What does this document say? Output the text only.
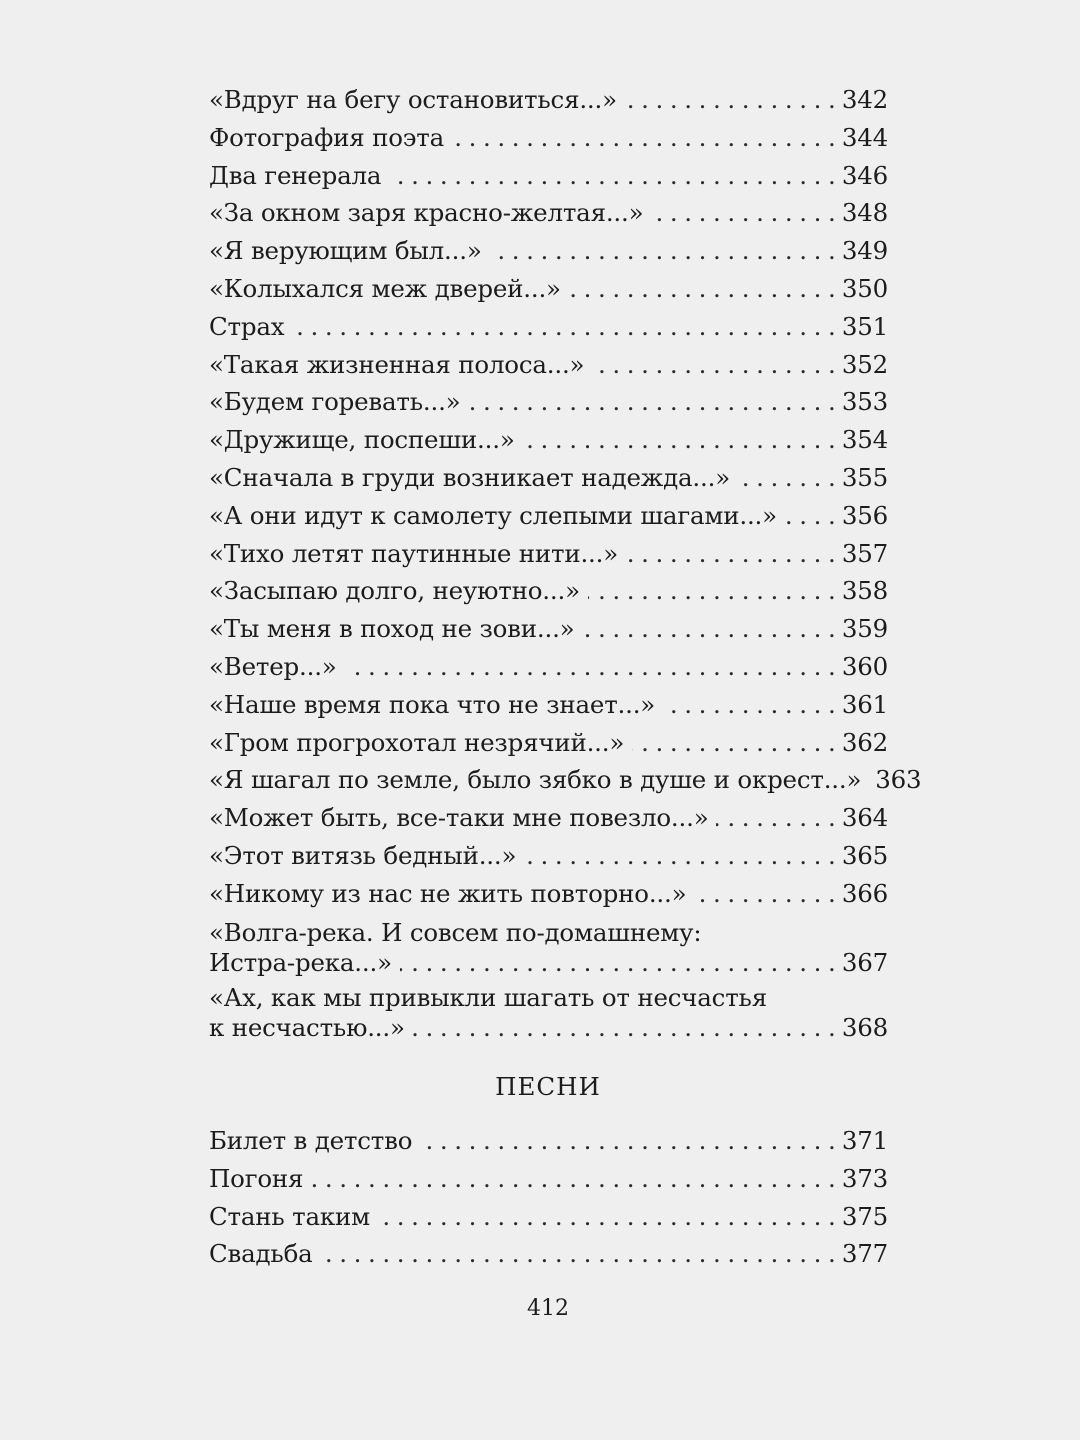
«Вдруг на бегу остановиться...» . . .	342
Фотография поэта . . .	344
Два генерала . . .	346
«За окном заря красно-желтая...» . . .	348
«Я верующим был...» . . .	349
«Колыхался меж дверей...» . . .	350
Страх . . .	351
«Такая жизненная полоса...» . . .	352
«Будем горевать...» . . .	353
«Дружище, поспеши...» . . .	354
«Сначала в груди возникает надежда...» . . .	355
«А они идут к самолету слепыми шагами...» . . .	356
«Тихо летят паутинные нити...» . . .	357
«Засыпаю долго, неуютно...» . . .	358
«Ты меня в поход не зови...» . . .	359
«Ветер...» . . .	360
«Наше время пока что не знает...» . . .	361
«Гром прогрохотал незрячий...» . . .	362
«Я шагал по земле, было зябко в душе и окрест...» 363
«Может быть, все-таки мне повезло...» . . .	364
«Этот витязь бедный...» . . .	365
«Никому из нас не жить повторно...» . . .	366
«Волга-река. И совсем по-домашнему:
Истра-река...» . . .	367
«Ах, как мы привыкли шагать от несчастья
к несчастью...» . . .	368
ПЕСНИ
Билет в детство . . .	371
Погоня . . .	373
Стань таким . . .	375
Свадьба . . .	377
412
